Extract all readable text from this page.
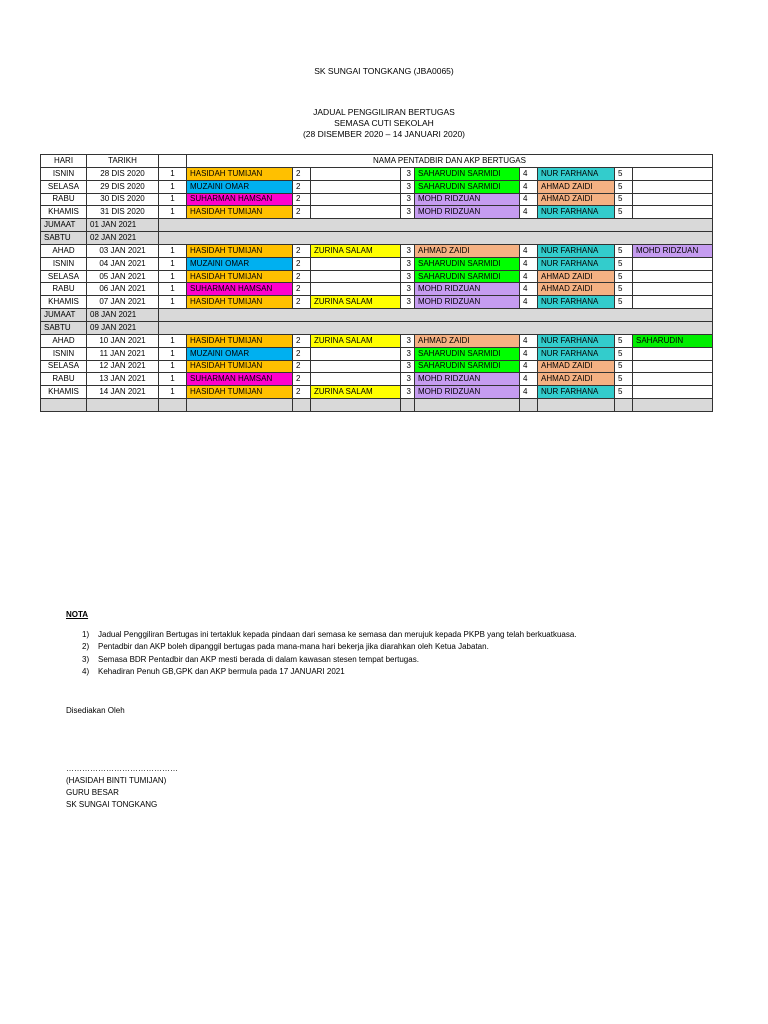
SK SUNGAI TONGKANG (JBA0065)
JADUAL PENGGILIRAN BERTUGAS
SEMASA CUTI SEKOLAH
(28 DISEMBER 2020 – 14 JANUARI 2020)
HARI	TARIKH		NAMA PENTADBIR DAN AKP BERTUGAS								
ISNIN	28 DIS 2020	1	HASIDAH TUMIJAN	2		3	SAHARUDIN SARMIDI	4	NUR FARHANA	5	
SELASA	29 DIS 2020	1	MUZAINI OMAR	2		3	SAHARUDIN SARMIDI	4	AHMAD ZAIDI	5	
RABU	30 DIS 2020	1	SUHARMAN HAMSAN	2		3	MOHD RIDZUAN	4	AHMAD ZAIDI	5	
KHAMIS	31 DIS 2020	1	HASIDAH TUMIJAN	2		3	MOHD RIDZUAN	4	NUR FARHANA	5	
JUMAAT	01 JAN 2021										
SABTU	02 JAN 2021										
AHAD	03 JAN 2021	1	HASIDAH TUMIJAN	2	ZURINA SALAM	3	AHMAD ZAIDI	4	NUR FARHANA	5	MOHD RIDZUAN
ISNIN	04 JAN 2021	1	MUZAINI OMAR	2		3	SAHARUDIN SARMIDI	4	NUR FARHANA	5	
SELASA	05 JAN 2021	1	HASIDAH TUMIJAN	2		3	SAHARUDIN SARMIDI	4	AHMAD ZAIDI	5	
RABU	06 JAN 2021	1	SUHARMAN HAMSAN	2		3	MOHD RIDZUAN	4	AHMAD ZAIDI	5	
KHAMIS	07 JAN 2021	1	HASIDAH TUMIJAN	2	ZURINA SALAM	3	MOHD RIDZUAN	4	NUR FARHANA	5	
JUMAAT	08 JAN 2021										
SABTU	09 JAN 2021										
AHAD	10 JAN 2021	1	HASIDAH TUMIJAN	2	ZURINA SALAM	3	AHMAD ZAIDI	4	NUR FARHANA	5	SAHARUDIN
ISNIN	11 JAN 2021	1	MUZAINI OMAR	2		3	SAHARUDIN SARMIDI	4	NUR FARHANA	5	
SELASA	12 JAN 2021	1	HASIDAH TUMIJAN	2		3	SAHARUDIN SARMIDI	4	AHMAD ZAIDI	5	
RABU	13 JAN 2021	1	SUHARMAN HAMSAN	2		3	MOHD RIDZUAN	4	AHMAD ZAIDI	5	
KHAMIS	14 JAN 2021	1	HASIDAH TUMIJAN	2	ZURINA SALAM	3	MOHD RIDZUAN	4	NUR FARHANA	5	

NOTA
1) Jadual Penggiliran Bertugas ini tertakluk kepada pindaan dari semasa ke semasa dan merujuk kepada PKPB yang telah berkuatkuasa.
2) Pentadbir dan AKP boleh dipanggil bertugas pada mana-mana hari bekerja jika diarahkan oleh Ketua Jabatan.
3) Semasa BDR Pentadbir dan AKP mesti berada di dalam kawasan stesen tempat bertugas.
4) Kehadiran Penuh GB,GPK dan AKP bermula pada 17 JANUARI 2021
Disediakan Oleh
……………………………………
(HASIDAH BINTI TUMIJAN)
GURU BESAR
SK SUNGAI TONGKANG
